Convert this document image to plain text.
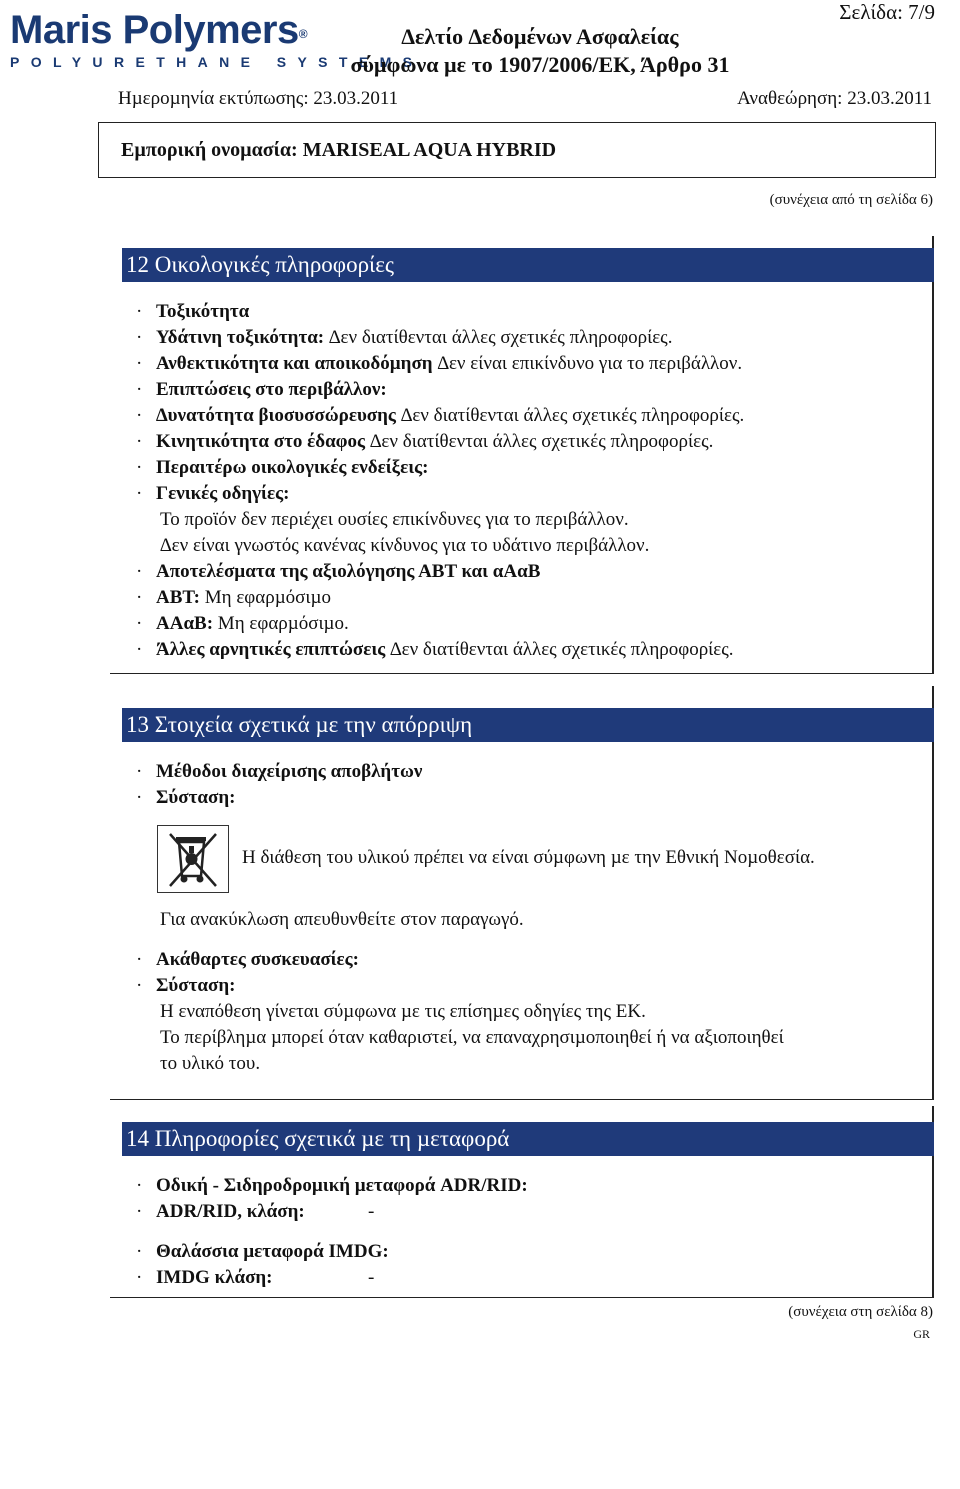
Maris Polymers®
POLYURETHANE SYSTEMS
Σελίδα: 7/9
∆ελτίο ∆εδοµένων Ασφαλείας
σύµφωνα µε το 1907/2006/ΕΚ, Άρθρο 31
Ηµεροµηνία εκτύπωσης: 23.03.2011	Αναθεώρηση: 23.03.2011
Εµπορική ονοµασία: MARISEAL AQUA HYBRID
(συνέχεια από τη σελίδα 6)
12 Οικολογικές πληροφορίες
· Τοξικότητα
· Υδάτινη τοξικότητα: ∆εν διατίθενται άλλες σχετικές πληροφορίες.
· Ανθεκτικότητα και αποικοδόµηση ∆εν είναι επικίνδυνο για το περιβάλλον.
· Επιπτώσεις στο περιβάλλον:
· ∆υνατότητα βιοσυσσώρευσης ∆εν διατίθενται άλλες σχετικές πληροφορίες.
· Κινητικότητα στο έδαφος ∆εν διατίθενται άλλες σχετικές πληροφορίες.
· Περαιτέρω οικολογικές ενδείξεις:
· Γενικές οδηγίες:
Το προϊόν δεν περιέχει ουσίες επικίνδυνες για το περιβάλλον.
∆εν είναι γνωστός κανένας κίνδυνος για το υδάτινο περιβάλλον.
· Αποτελέσµατα της αξιολόγησης ΑΒΤ και αΑαΒ
· ΑΒΤ: Μη εφαρµόσιµο
· ΑΑαΒ: Μη εφαρµόσιµο.
· Άλλες αρνητικές επιπτώσεις ∆εν διατίθενται άλλες σχετικές πληροφορίες.
13 Στοιχεία σχετικά µε την απόρριψη
· Μέθοδοι διαχείρισης αποβλήτων
· Σύσταση:
Η διάθεση του υλικού πρέπει να είναι σύµφωνη µε την Εθνική Νοµοθεσία.
Για ανακύκλωση απευθυνθείτε στον παραγωγό.
· Ακάθαρτες συσκευασίες:
· Σύσταση:
Η εναπόθεση γίνεται σύµφωνα µε τις επίσηµες οδηγίες της ΕΚ.
Το περίβληµα µπορεί όταν καθαριστεί, να επαναχρησιµοποιηθεί ή να αξιοποιηθεί
το υλικό του.
14 Πληροφορίες σχετικά µε τη µεταφορά
· Οδική - Σιδηροδροµική µεταφορά ADR/RID:
· ADR/RID, κλάση:	-
· Θαλάσσια µεταφορά IMDG:
· IMDG κλάση:	-
(συνέχεια στη σελίδα 8)
GR
